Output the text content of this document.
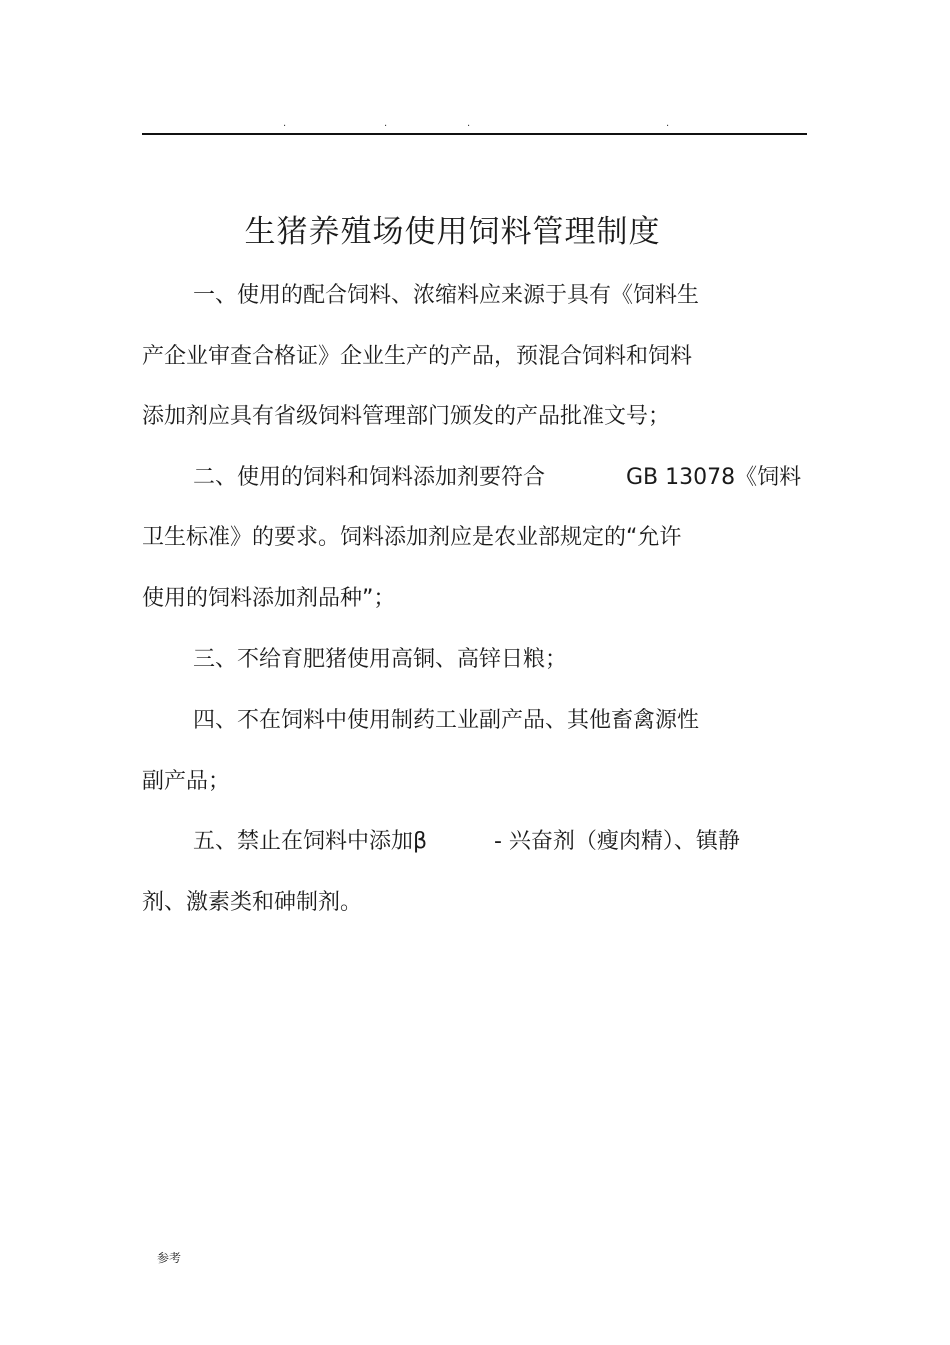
.	.	.	.
生猪养殖场使用饲料管理制度
一、使用的配合饲料、浓缩料应来源于具有《饲料生
产企业审查合格证》企业生产的产品，预混合饲料和饲料
添加剂应具有省级饲料管理部门颁发的产品批准文号；
二、使用的饲料和饲料添加剂要符合	GB 13078《饲料
卫生标准》的要求。饲料添加剂应是农业部规定的“允许
使用的饲料添加剂品种”；
三、不给育肥猪使用高铜、高锌日粮；
四、不在饲料中使用制药工业副产品、其他畜禽源性
副产品；
五、禁止在饲料中添加β	- 兴奋剂（瘦肉精）、镇静
剂、激素类和砷制剂。
参考
